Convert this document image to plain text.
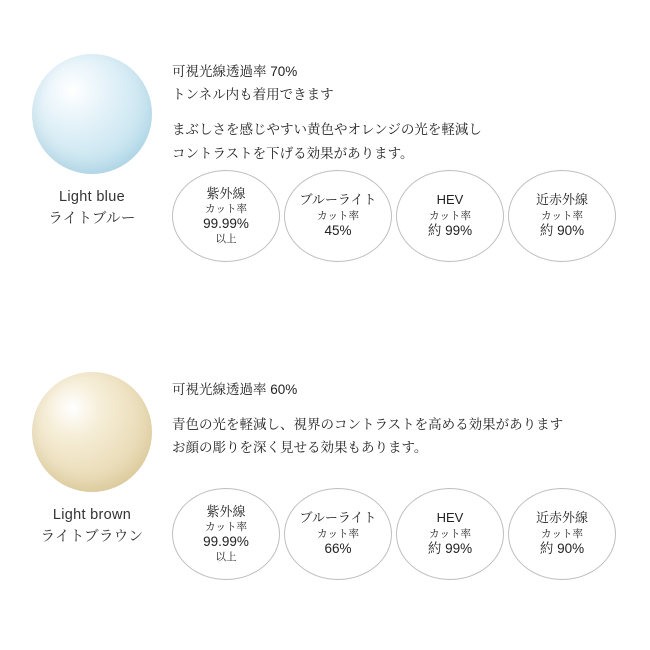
Light blue
ライトブルー
可視光線透過率 70%
トンネル内も着用できます
まぶしさを感じやすい黄色やオレンジの光を軽減し
コントラストを下げる効果があります。
紫外線
カット率
99.99%
以上
ブルーライト
カット率
45%
HEV
カット率
約 99%
近赤外線
カット率
約 90%
Light brown
ライトブラウン
可視光線透過率 60%
青色の光を軽減し、視界のコントラストを高める効果があります
お顔の彫りを深く見せる効果もあります。
紫外線
カット率
99.99%
以上
ブルーライト
カット率
66%
HEV
カット率
約 99%
近赤外線
カット率
約 90%
